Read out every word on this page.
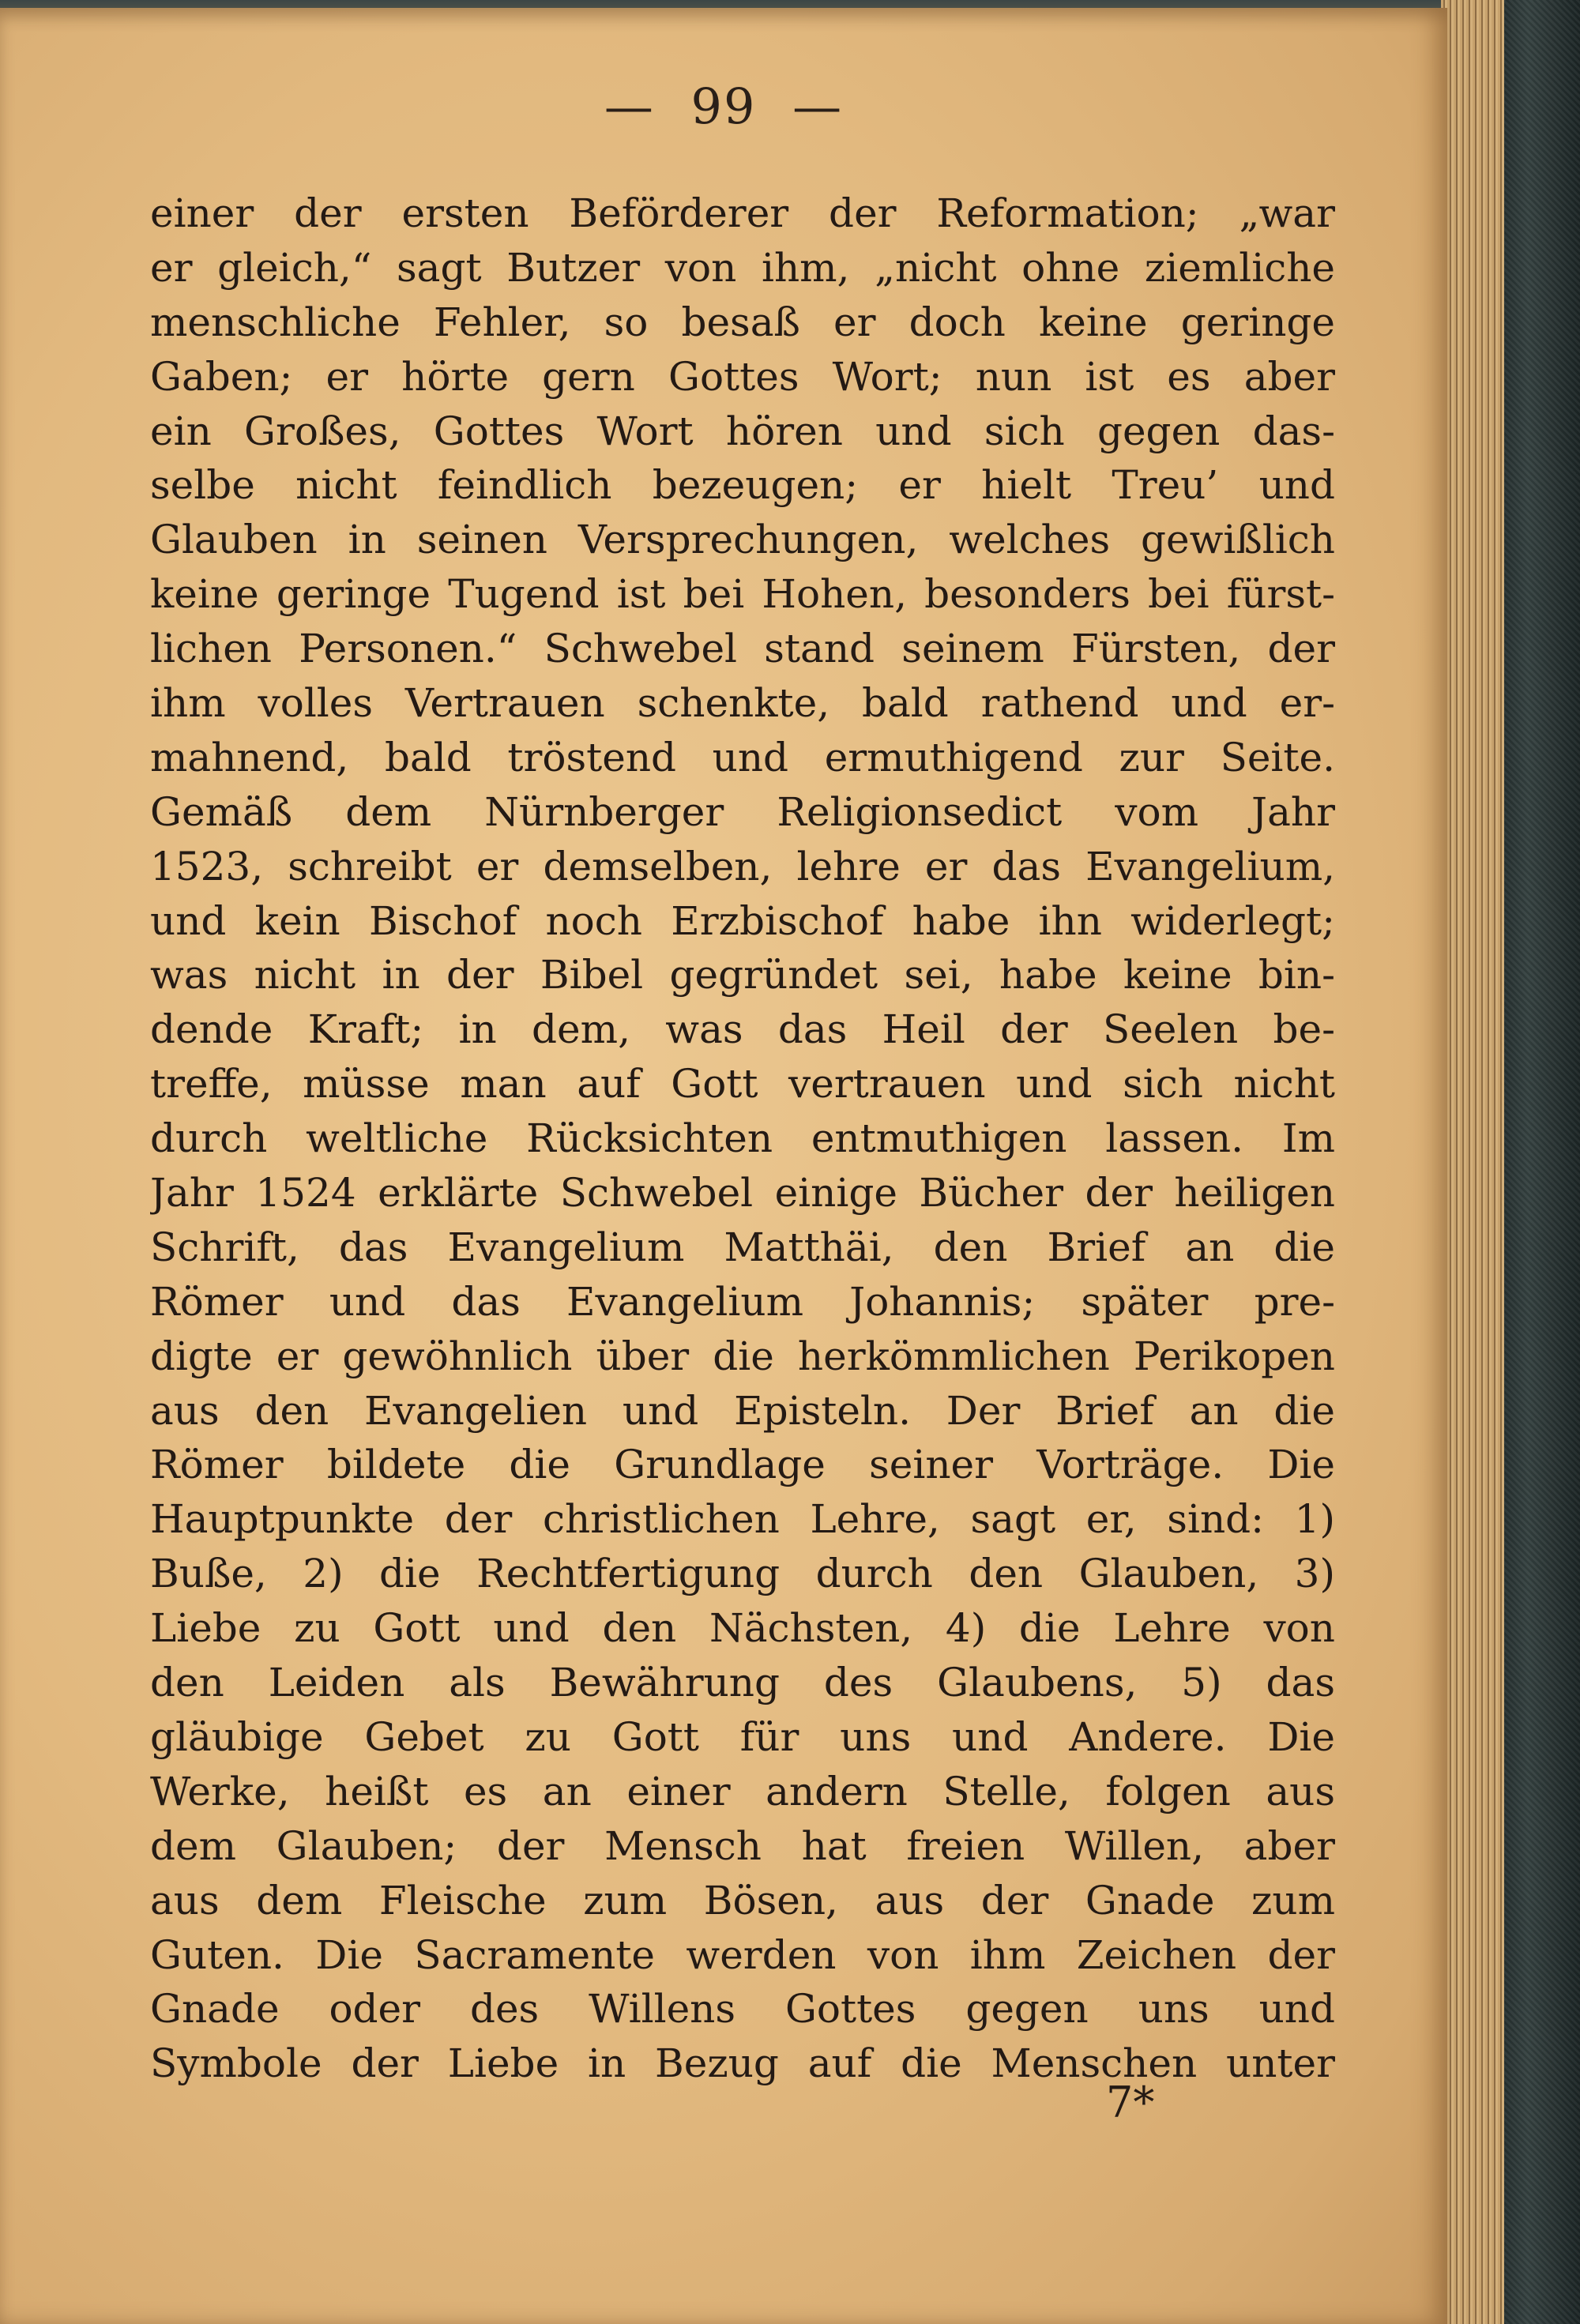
— 99 —
einer der ersten Beförderer der Reformation; „war
er gleich,“ sagt Butzer von ihm, „nicht ohne ziemliche
menschliche Fehler, so besaß er doch keine geringe
Gaben; er hörte gern Gottes Wort; nun ist es aber
ein Großes, Gottes Wort hören und sich gegen das-
selbe nicht feindlich bezeugen; er hielt Treu’ und
Glauben in seinen Versprechungen, welches gewißlich
keine geringe Tugend ist bei Hohen, besonders bei fürst-
lichen Personen.“ Schwebel stand seinem Fürsten, der
ihm volles Vertrauen schenkte, bald rathend und er-
mahnend, bald tröstend und ermuthigend zur Seite.
Gemäß dem Nürnberger Religionsedict vom Jahr
1523, schreibt er demselben, lehre er das Evangelium,
und kein Bischof noch Erzbischof habe ihn widerlegt;
was nicht in der Bibel gegründet sei, habe keine bin-
dende Kraft; in dem, was das Heil der Seelen be-
treffe, müsse man auf Gott vertrauen und sich nicht
durch weltliche Rücksichten entmuthigen lassen. Im
Jahr 1524 erklärte Schwebel einige Bücher der heiligen
Schrift, das Evangelium Matthäi, den Brief an die
Römer und das Evangelium Johannis; später pre-
digte er gewöhnlich über die herkömmlichen Perikopen
aus den Evangelien und Episteln. Der Brief an die
Römer bildete die Grundlage seiner Vorträge. Die
Hauptpunkte der christlichen Lehre, sagt er, sind: 1)
Buße, 2) die Rechtfertigung durch den Glauben, 3)
Liebe zu Gott und den Nächsten, 4) die Lehre von
den Leiden als Bewährung des Glaubens, 5) das
gläubige Gebet zu Gott für uns und Andere. Die
Werke, heißt es an einer andern Stelle, folgen aus
dem Glauben; der Mensch hat freien Willen, aber
aus dem Fleische zum Bösen, aus der Gnade zum
Guten. Die Sacramente werden von ihm Zeichen der
Gnade oder des Willens Gottes gegen uns und
Symbole der Liebe in Bezug auf die Menschen unter
7*
